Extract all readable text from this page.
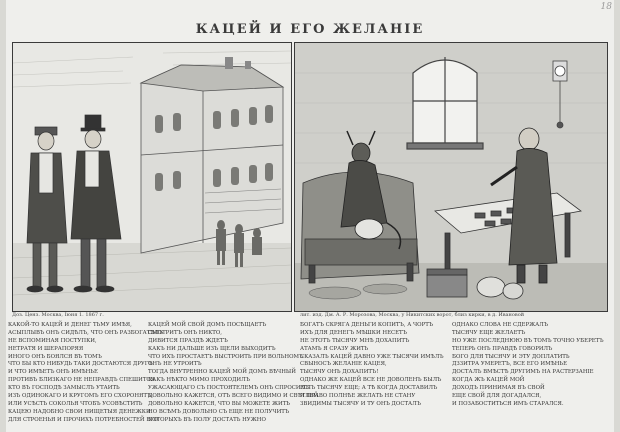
18
КАЦЕЙ И ЕГО ЖЕЛАНІЕ
Доз. Ценз. Москва, Іюня 1. 1867 г.	лит. изд. Дм. А. Р. Морозова, Москва, у Никитских ворот, близ кирки, в д. Ивановой
КАКОЙ-ТО КАЦЕЙ И ДЕНЕГ ТЬМУ ИМѢЯ,
АСЫПЛЫВЪ ОНЪ СИДѢЛЪ, ЧТО ОНЪ РАЗБОГАТѢЛЪ
НЕ ВСПОМИНАЯ ПОСТУПКИ,
НЕТРАТЯ И ШЕРАПОРЯЯ
ИНОГО ОНЪ БОЯЛСЯ ВЪ ТОМЪ
ЧТО БЫ КТО НИБУДЬ ТАКИ ДОСТАЮТСЯ ДРУГЪ
И ЧТО ИМѢЕТЪ ОНЪ ИМѢНЬЕ
ПРОТИВЪ БЛИЗКАГО НЕ НЕПРАВДЪ СПЕШИТСЯ
КТО ВЪ ГОСПОДѢ ЗАМЫСЛЪ УТАИТЬ
ИЗЪ ОДИНОКАГО И КРУГОМЪ ЕГО СХОРОНЯТЪ,
ИЛИ УСѢСТЬ СОКОЛЬЯ ЧТОБЪ УСОВѢСТИТЬ
КАЦЕЮ НАДОБНО СВОИ НИЩЕТЫЯ ДЕНЕЖКИ
ДЛЯ СТРОЕНЬЯ И ПРОЧИХЪ ПОТРЕБНОСТЕЙ ЕГО
КАЦЕЙ МОЙ СВОЙ ДОМЪ ПОСѢЩАЕТЪ
СМОТРИТЪ ОНЪ НИКТО,
ДИВИТСЯ ПРАЗДѢ ЖДЕТЪ
КАКЪ НИ ДАЛЬШЕ ИЗЪ ЩЕЛИ ВЫХОДИТЪ
ЧТО ИХЪ ПРОСТАЕТЪ ВЫСТРОИТЬ ПРИ ВОЛЬНОМЪ
ОНЪ НЕ УТРОИТЪ
ТОГДА ВНУТРЕННО КАЦЕЙ МОЙ ДОМЪ ВѢЧНЫЙ
КАКЪ НѢКТО МИМО ПРОХОДИЛЪ
УЖАСАЮЩАГО СЪ ПОСТОЯТЕЛЕМЪ ОНЪ СПРОСИЛЪ
ДОВОЛЬНО КАЖЕТСЯ, ОТЪ ВСЕГО ВИДИМО И СВѢТЛЕЙ
ДОВОЛЬНО КАЖЕТСЯ, ЧТО ВЫ МОЖЕТЕ ЖИТЬ
НО ВСѢМЪ ДОВОЛЬНО СЪ ЕЩЕ НЕ ПОЛУЧИТЪ
КОТОРЫХЪ ВЪ ПОЛУ ДОСТАТЬ НУЖНО
БОГАТЪ СКРЯГА ДЕНЬГИ КОПИТЪ, А ЧОРТЪ
ИХЪ ДЛЯ ДЕНЕГЪ МѢШКИ НЕСЕТЪ
НЕ ЭТОТЪ ТЫСЯЧУ МНѢ ДОХАПИТЪ
АТАМЪ Я СРАЗУ ЖИТЬ
СКАЗАЛЪ КАЦЕЙ ДАВНО УЖЕ ТЫСЯЧИ ИМѢЛЪ
СВЫНОСЪ ЖЕЛАНІЕ КАЦЕЯ,
ТЫСЯЧУ ОНЪ ДОХАПИТЪ!
ОДНАКО ЖЕ КАЦЕЙ ВСЕ НЕ ДОВОЛЕНЪ БЫЛЪ
ЕСТЬ ТЫСЯЧУ ЕЩЕ; А ТѢ КОГДА ДОСТАВИЛЪ
И ПРАВО ПОЛНѢЕ ЖЕЛАТЬ НЕ СТАНУ
ЗВИДИМЫ ТЫСЯЧУ И ТУ ОНЪ ДОСТАЛЪ
ОДНАКО СЛОВА НЕ СДЕРЖАЛЪ
ТЫСЯЧУ ЕЩЕ ЖЕЛАЕТЪ
НО УЖЕ ПОСЛЕДНЮЮ ВЪ ТОМЪ ТОЧНО УБЕРЕТЪ
ТЕПЕРЬ ОНЪ ПРАВДѢ ГОВОРИЛЪ
БОГО ДЛЯ ТЫСЯЧУ И ЭТУ ДОПЛАТИТЬ
ДЗЗИТРА УМЕРЕТЪ, ВСЕ ЕГО ИМѢНЬЕ
ДОСТАЛЪ ВМѢСТѢ ДРУГИМЪ НА РАСТЕРЗАНІЕ
КОГДА ЖЪ КАЦЕЙ МОЙ
ДОХОДЪ ПРИНИМАЯ ВЪ СВОЙ
ЕЩЕ СВОЙ ДЛЯ ДОГАДАЛСЯ,
И ПОЗАБОСТИТЬСЯ ИМЪ СТАРАЛСЯ.
